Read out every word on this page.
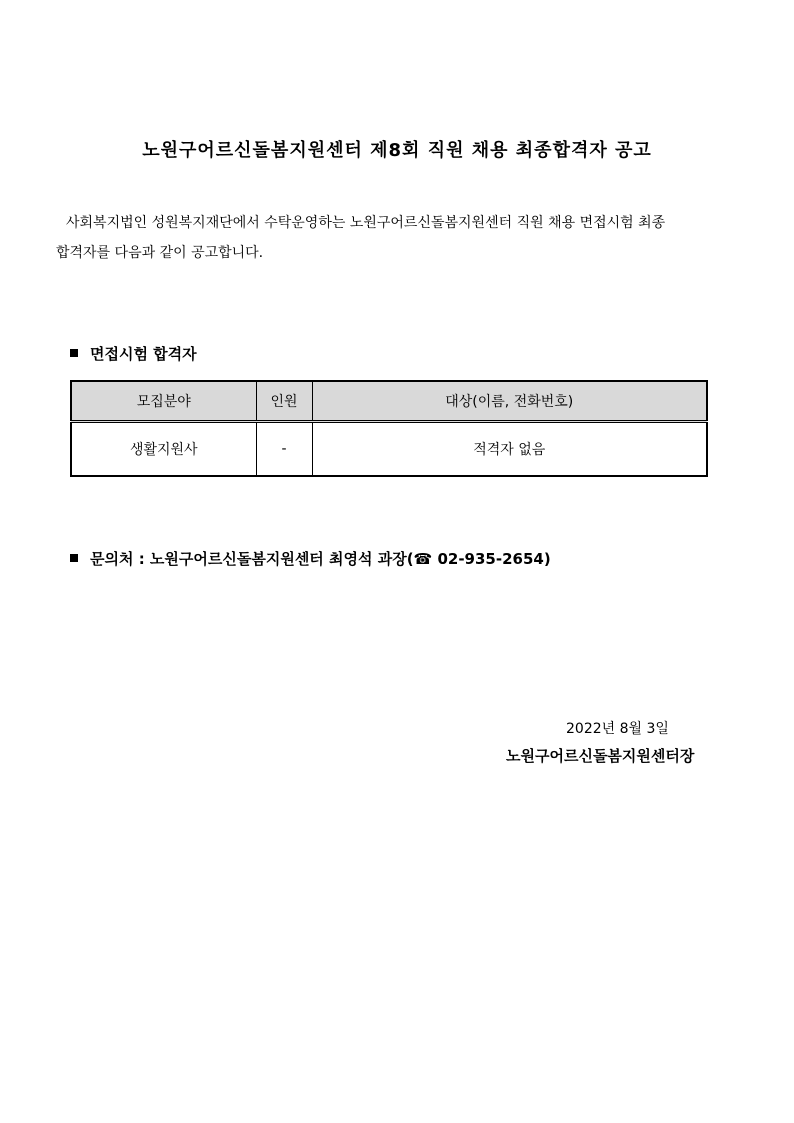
노원구어르신돌봄지원센터 제8회 직원 채용 최종합격자 공고
사회복지법인 성원복지재단에서 수탁운영하는 노원구어르신돌봄지원센터 직원 채용 면접시험 최종
합격자를 다음과 같이 공고합니다.
면접시험 합격자
모집분야	인원	대상(이름, 전화번호)
생활지원사	-	적격자 없음
문의처 : 노원구어르신돌봄지원센터 최영석 과장(☎ 02-935-2654)
2022년 8월 3일
노원구어르신돌봄지원센터장
